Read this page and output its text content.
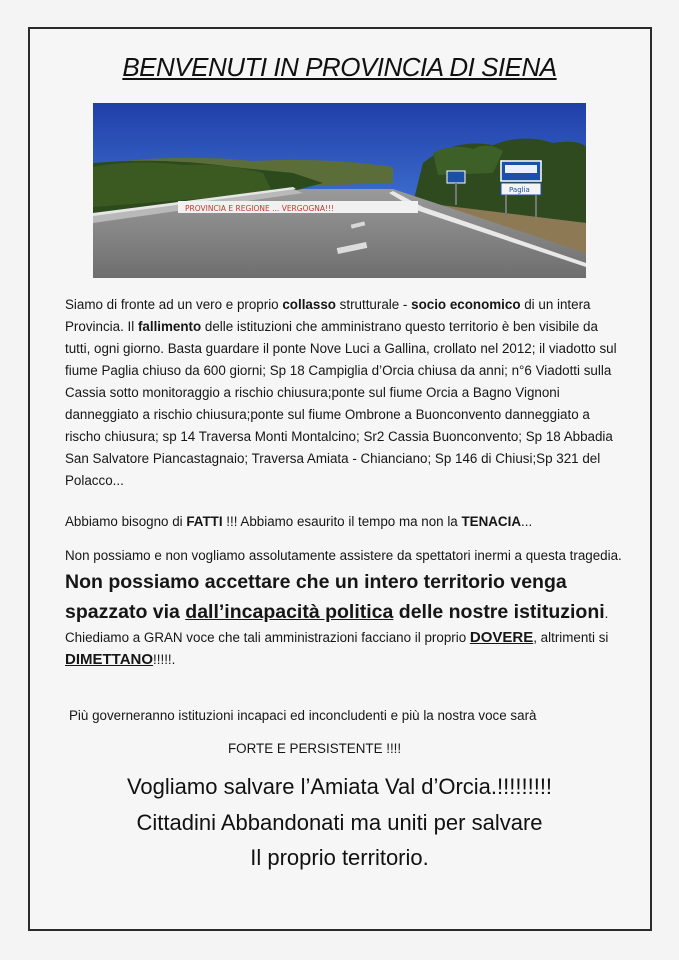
BENVENUTI IN PROVINCIA DI SIENA
PROVINCIA E REGIONE ... VERGOGNA!!!
Paglia

Siamo di fronte ad un vero e proprio collasso strutturale - socio economico di un intera Provincia. Il fallimento delle istituzioni che amministrano questo territorio è ben visibile da tutti, ogni giorno. Basta guardare il ponte Nove Luci a Gallina, crollato nel 2012; il viadotto sul fiume Paglia chiuso da 600 giorni; Sp 18 Campiglia d’Orcia chiusa da anni; n°6 Viadotti sulla Cassia sotto monitoraggio a rischio chiusura;ponte sul fiume Orcia a Bagno Vignoni danneggiato a rischio chiusura;ponte sul fiume Ombrone a Buonconvento danneggiato a rischo chiusura; sp 14 Traversa Monti Montalcino; Sr2 Cassia Buonconvento; Sp 18 Abbadia San Salvatore Piancastagnaio; Traversa Amiata - Chianciano; Sp 146 di Chiusi;Sp 321 del Polacco...

Abbiamo bisogno di FATTI !!! Abbiamo esaurito il tempo ma non la TENACIA...

Non possiamo e non vogliamo assolutamente assistere da spettatori inermi a questa tragedia. Non possiamo accettare che un intero territorio venga spazzato via dall’incapacità politica delle nostre istituzioni. Chiediamo a GRAN voce che tali amministrazioni facciano il proprio DOVERE, altrimenti si DIMETTANO!!!!!.

Più governeranno istituzioni incapaci ed inconcludenti e più la nostra voce sarà

FORTE E PERSISTENTE !!!!

Vogliamo salvare l’Amiata Val d’Orcia.!!!!!!!!!
Cittadini Abbandonati ma uniti per salvare
Il proprio territorio.
